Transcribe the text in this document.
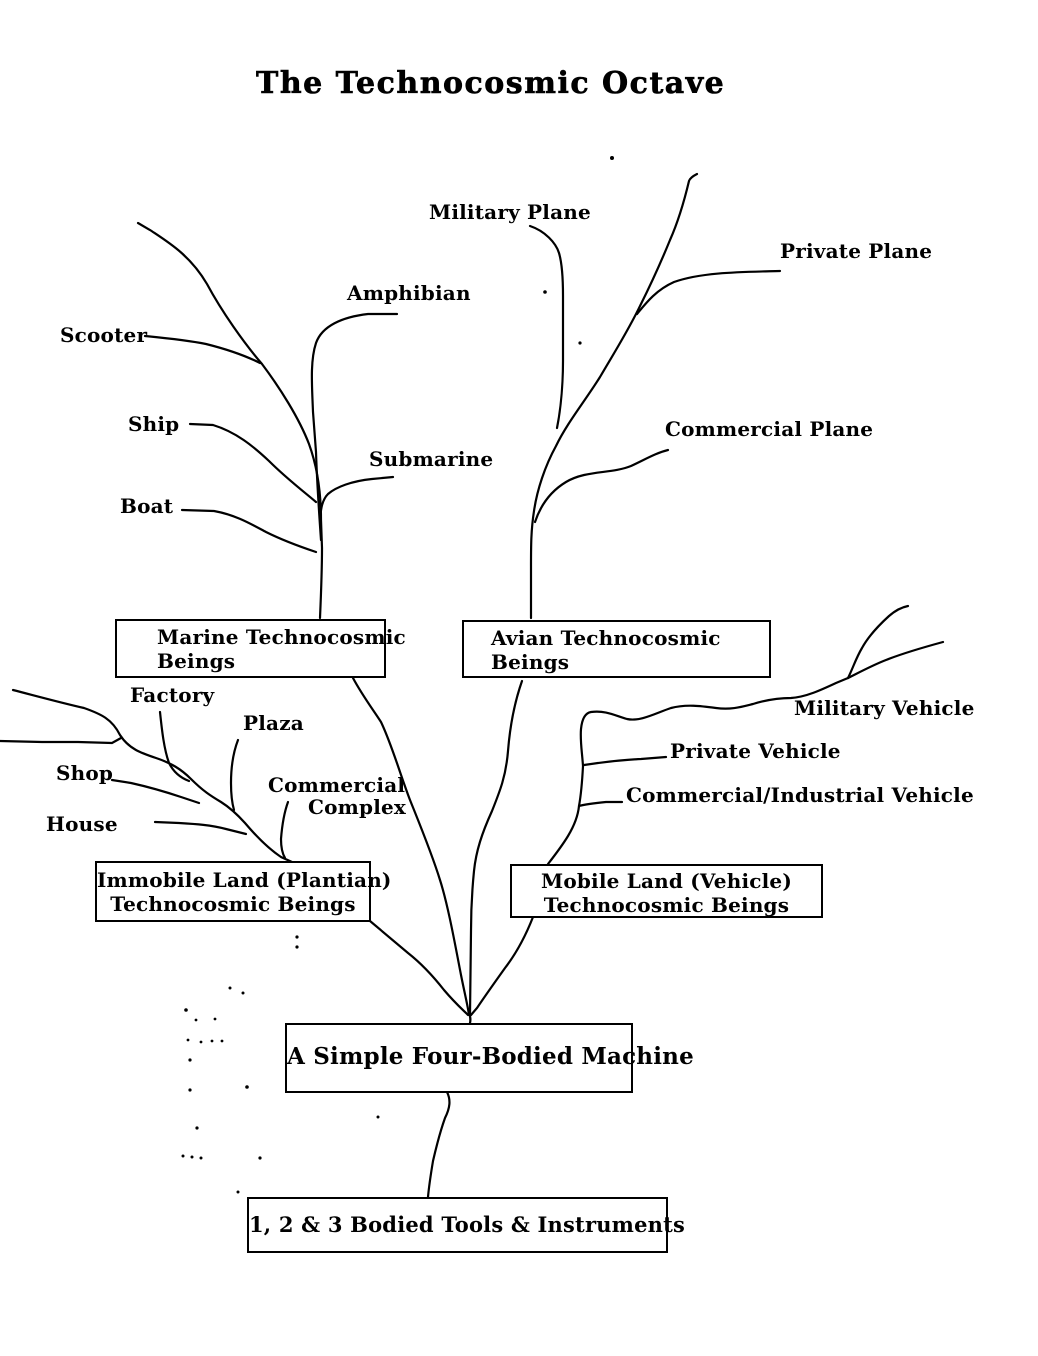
The Technocosmic Octave
Scooter
Amphibian
Ship
Submarine
Boat
Military Plane
Private Plane
Commercial Plane
Factory
Plaza
Shop
House
Commercial
Complex
Military Vehicle
Private Vehicle
Commercial/Industrial Vehicle
Marine Technocosmic
Beings
Avian Technocosmic
Beings
Immobile Land (Plantian)
Technocosmic Beings
Mobile Land (Vehicle)
Technocosmic Beings
A Simple Four-Bodied Machine
1, 2 & 3 Bodied Tools & Instruments
